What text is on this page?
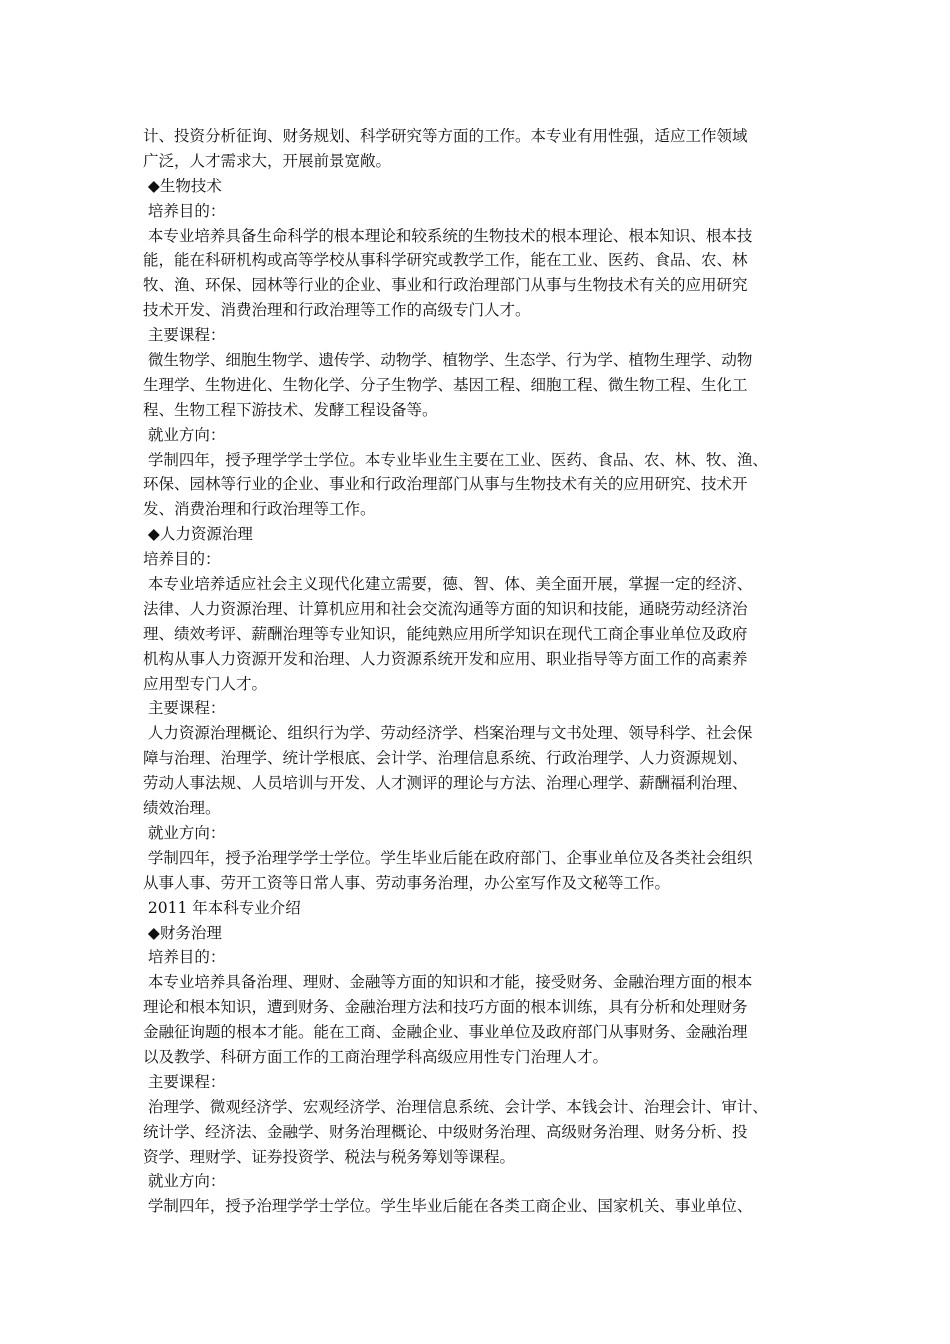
计、投资分析征询、财务规划、科学研究等方面的工作。本专业有用性强，适应工作领域
广泛，人才需求大，开展前景宽敞。
◆生物技术
培养目的：
本专业培养具备生命科学的根本理论和较系统的生物技术的根本理论、根本知识、根本技
能，能在科研机构或高等学校从事科学研究或教学工作，能在工业、医药、食品、农、林
牧、渔、环保、园林等行业的企业、事业和行政治理部门从事与生物技术有关的应用研究
技术开发、消费治理和行政治理等工作的高级专门人才。
主要课程：
微生物学、细胞生物学、遗传学、动物学、植物学、生态学、行为学、植物生理学、动物
生理学、生物进化、生物化学、分子生物学、基因工程、细胞工程、微生物工程、生化工
程、生物工程下游技术、发酵工程设备等。
就业方向：
学制四年，授予理学学士学位。本专业毕业生主要在工业、医药、食品、农、林、牧、渔、
环保、园林等行业的企业、事业和行政治理部门从事与生物技术有关的应用研究、技术开
发、消费治理和行政治理等工作。
◆人力资源治理
培养目的：
本专业培养适应社会主义现代化建立需要，德、智、体、美全面开展，掌握一定的经济、
法律、人力资源治理、计算机应用和社会交流沟通等方面的知识和技能，通晓劳动经济治
理、绩效考评、薪酬治理等专业知识，能纯熟应用所学知识在现代工商企事业单位及政府
机构从事人力资源开发和治理、人力资源系统开发和应用、职业指导等方面工作的高素养
应用型专门人才。
主要课程：
人力资源治理概论、组织行为学、劳动经济学、档案治理与文书处理、领导科学、社会保
障与治理、治理学、统计学根底、会计学、治理信息系统、行政治理学、人力资源规划、
劳动人事法规、人员培训与开发、人才测评的理论与方法、治理心理学、薪酬福利治理、
绩效治理。
就业方向：
学制四年，授予治理学学士学位。学生毕业后能在政府部门、企事业单位及各类社会组织
从事人事、劳开工资等日常人事、劳动事务治理，办公室写作及文秘等工作。
2011 年本科专业介绍
◆财务治理
培养目的：
本专业培养具备治理、理财、金融等方面的知识和才能，接受财务、金融治理方面的根本
理论和根本知识，遭到财务、金融治理方法和技巧方面的根本训练，具有分析和处理财务
金融征询题的根本才能。能在工商、金融企业、事业单位及政府部门从事财务、金融治理
以及教学、科研方面工作的工商治理学科高级应用性专门治理人才。
主要课程：
治理学、微观经济学、宏观经济学、治理信息系统、会计学、本钱会计、治理会计、审计、
统计学、经济法、金融学、财务治理概论、中级财务治理、高级财务治理、财务分析、投
资学、理财学、证券投资学、税法与税务筹划等课程。
就业方向：
学制四年，授予治理学学士学位。学生毕业后能在各类工商企业、国家机关、事业单位、
